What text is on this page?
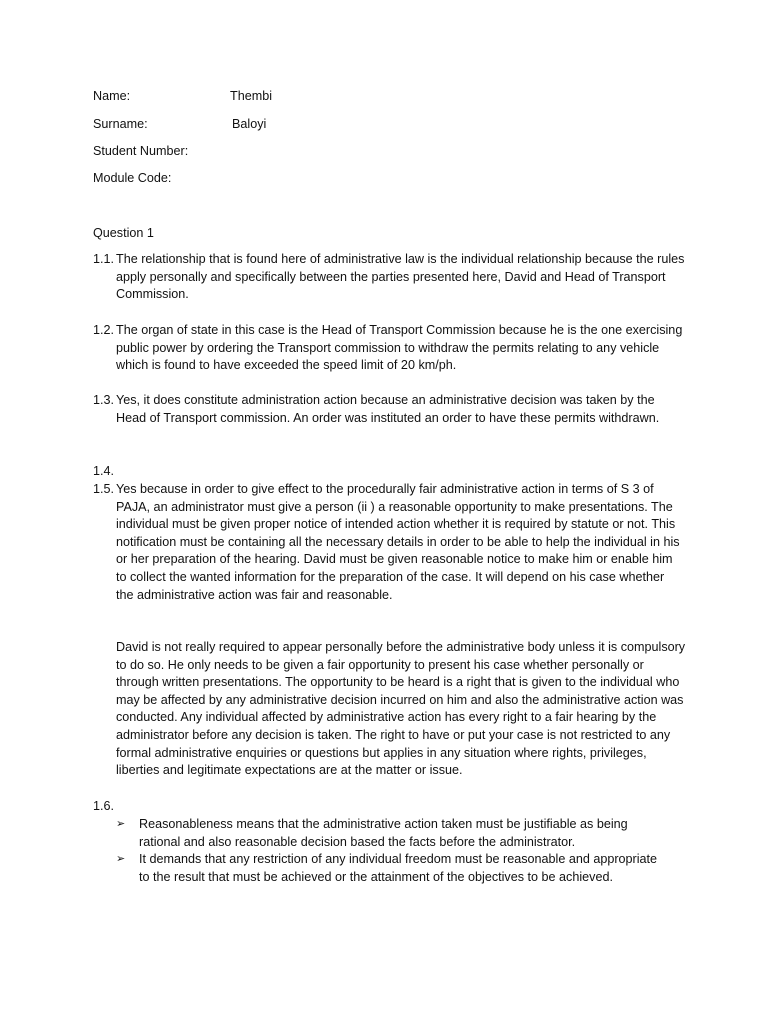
Name:	Thembi
Surname:	Baloyi
Student Number:
Module Code:
Question 1
1.1. The relationship that is found here of administrative law is the individual relationship because the rules apply personally and specifically between the parties presented here, David and Head of Transport Commission.
1.2. The organ of state in this case is the Head of Transport Commission because he is the one exercising public power by ordering the Transport commission to withdraw the permits relating to any vehicle which is found to have exceeded the speed limit of 20 km/ph.
1.3. Yes, it does constitute administration action because an administrative decision was taken by the Head of Transport commission. An order was instituted an order to have these permits withdrawn.
1.4.
1.5. Yes because in order to give effect to the procedurally fair administrative action in terms of S 3 of PAJA, an administrator must give a person (ii ) a reasonable opportunity to make presentations. The individual must be given proper notice of intended action whether it is required by statute or not. This notification must be containing all the necessary details in order to be able to help the individual in his or her preparation of the hearing. David must be given reasonable notice to make him or enable him to collect the wanted information for the preparation of the case. It will depend on his case whether the administrative action was fair and reasonable.
David is not really required to appear personally before the administrative body unless it is compulsory to do so. He only needs to be given a fair opportunity to present his case whether personally or through written presentations. The opportunity to be heard is a right that is given to the individual who may be affected by any administrative decision incurred on him and also the administrative action was conducted. Any individual affected by administrative action has every right to a fair hearing by the administrator before any decision is taken. The right to have or put your case is not restricted to any formal administrative enquiries or questions but applies in any situation where rights, privileges, liberties and legitimate expectations are at the matter or issue.
1.6.
➢	Reasonableness means that the administrative action taken must be justifiable as being rational and also reasonable decision based the facts before the administrator.
➢	It demands that any restriction of any individual freedom must be reasonable and appropriate to the result that must be achieved or the attainment of the objectives to be achieved.
